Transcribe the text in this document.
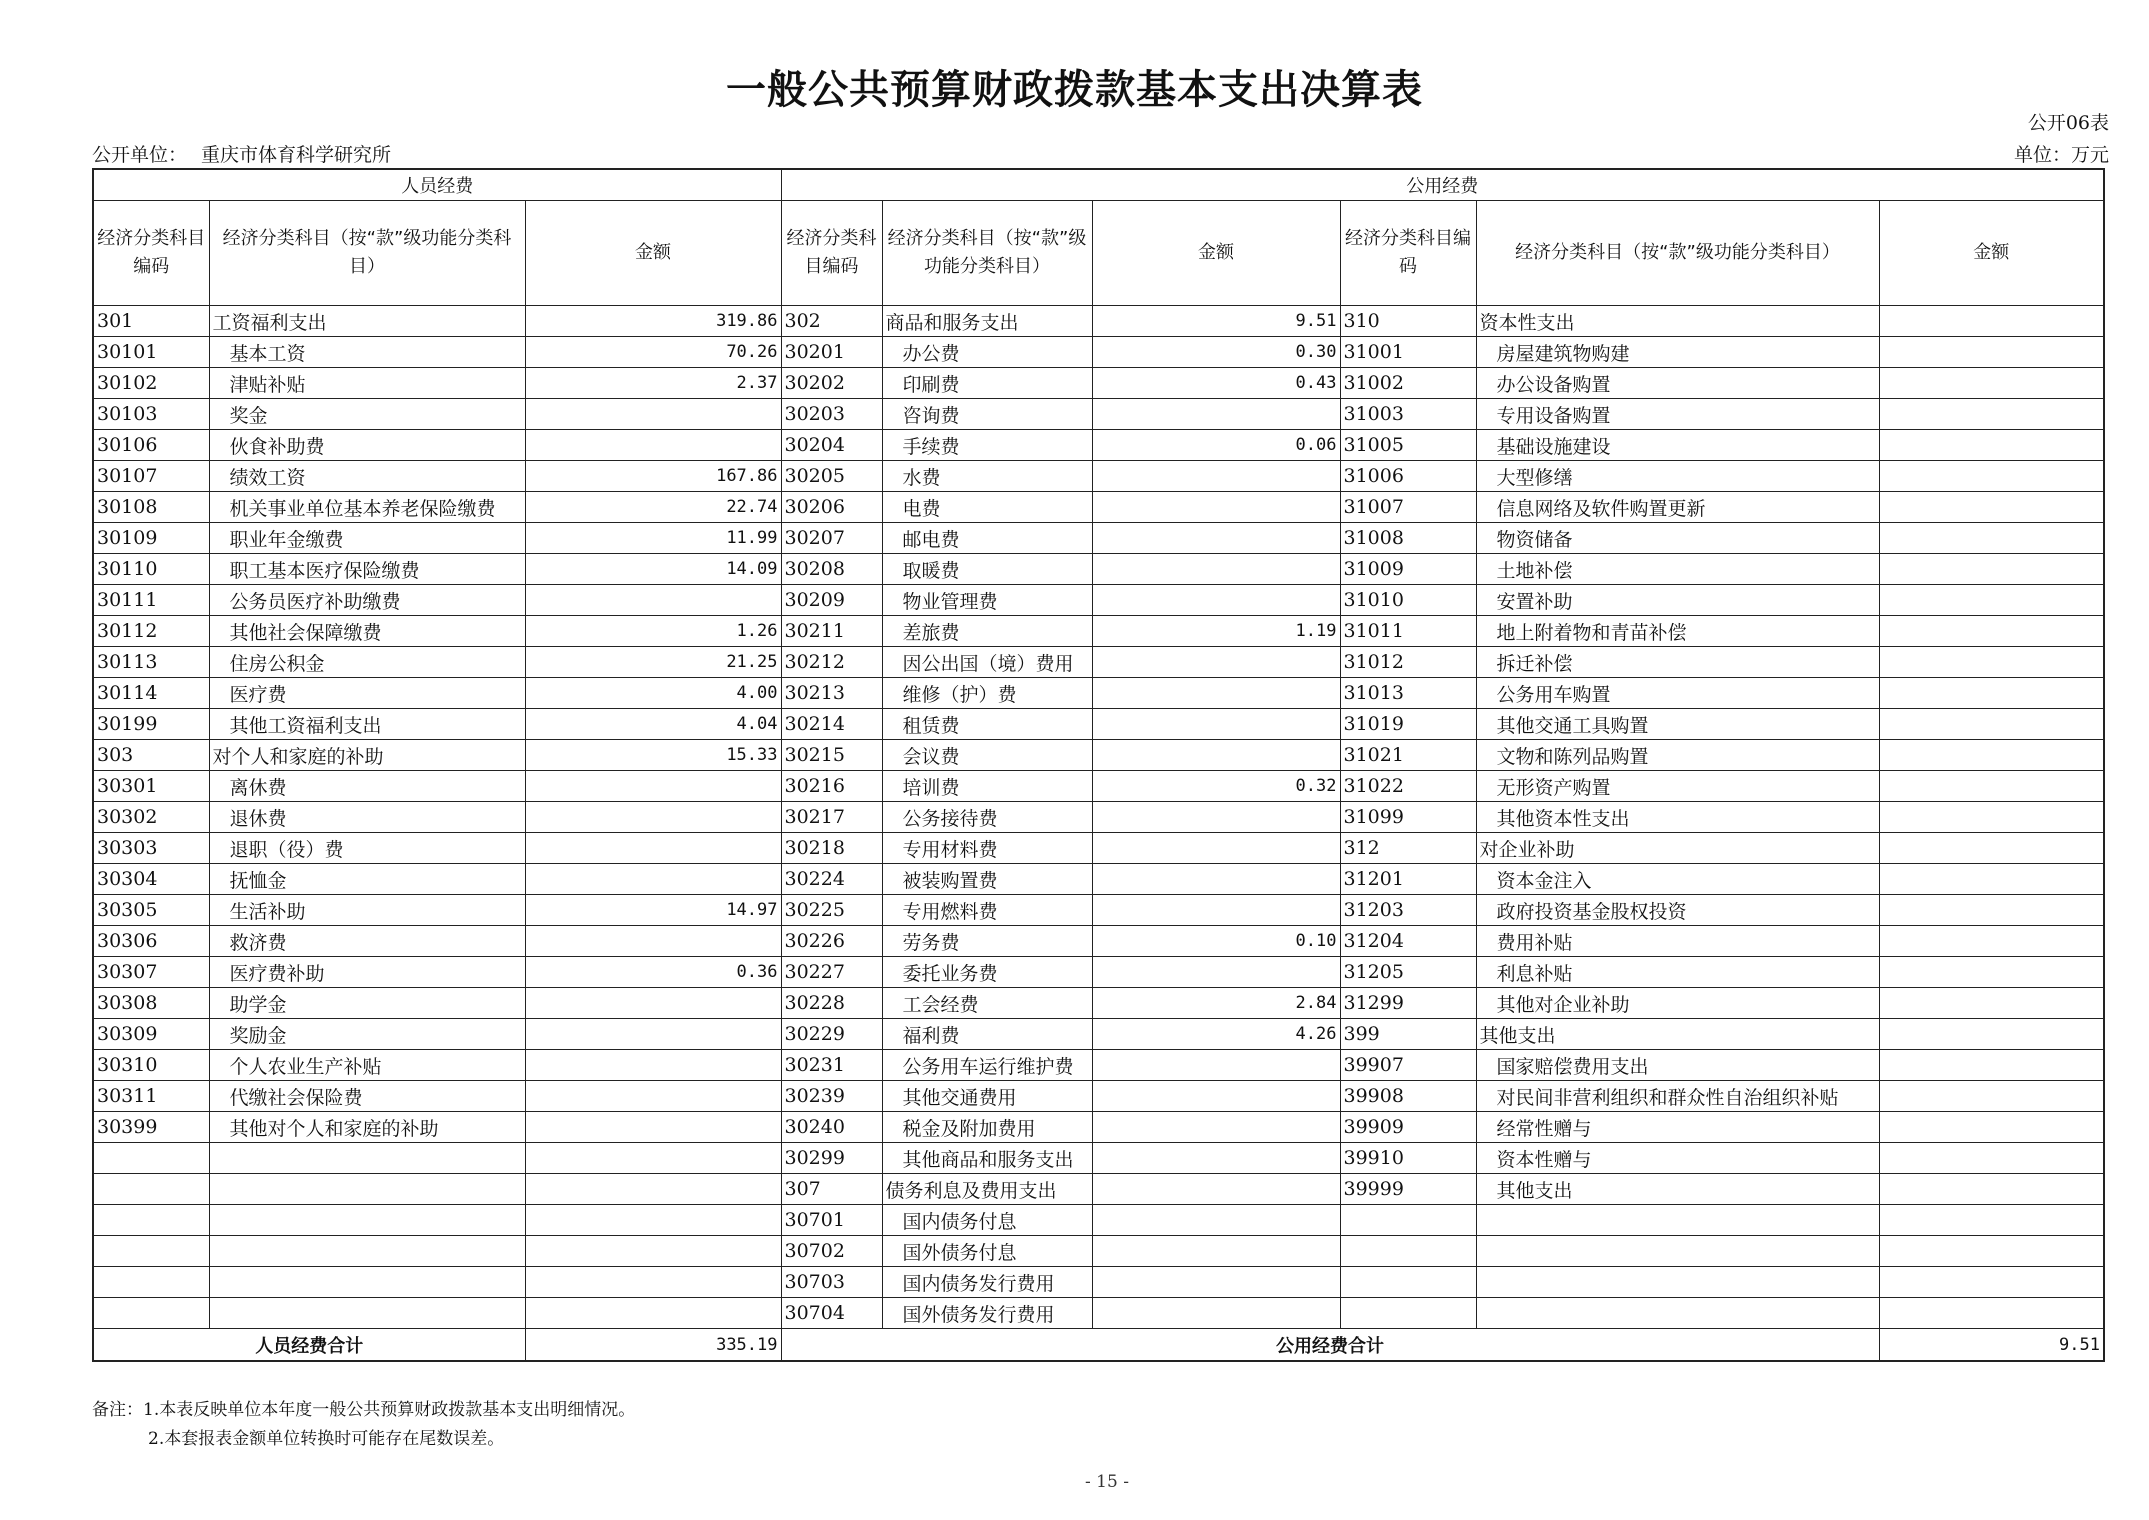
一般公共预算财政拨款基本支出决算表
公开06表
公开单位： 重庆市体育科学研究所	单位：万元
人员经费			公用经费					
经济分类科目编码	经济分类科目（按“款”级功能分类科目）	金额	经济分类科目编码	经济分类科目（按“款”级功能分类科目）	金额	经济分类科目编码	经济分类科目（按“款”级功能分类科目）	金额
301	工资福利支出	319.86	302	商品和服务支出	9.51	310	资本性支出	
30101	基本工资	70.26	30201	办公费	0.30	31001	房屋建筑物购建	
30102	津贴补贴	2.37	30202	印刷费	0.43	31002	办公设备购置	
30103	奖金		30203	咨询费		31003	专用设备购置	
30106	伙食补助费		30204	手续费	0.06	31005	基础设施建设	
30107	绩效工资	167.86	30205	水费		31006	大型修缮	
30108	机关事业单位基本养老保险缴费	22.74	30206	电费		31007	信息网络及软件购置更新	
30109	职业年金缴费	11.99	30207	邮电费		31008	物资储备	
30110	职工基本医疗保险缴费	14.09	30208	取暖费		31009	土地补偿	
30111	公务员医疗补助缴费		30209	物业管理费		31010	安置补助	
30112	其他社会保障缴费	1.26	30211	差旅费	1.19	31011	地上附着物和青苗补偿	
30113	住房公积金	21.25	30212	因公出国（境）费用		31012	拆迁补偿	
30114	医疗费	4.00	30213	维修（护）费		31013	公务用车购置	
30199	其他工资福利支出	4.04	30214	租赁费		31019	其他交通工具购置	
303	对个人和家庭的补助	15.33	30215	会议费		31021	文物和陈列品购置	
30301	离休费		30216	培训费	0.32	31022	无形资产购置	
30302	退休费		30217	公务接待费		31099	其他资本性支出	
30303	退职（役）费		30218	专用材料费		312	对企业补助	
30304	抚恤金		30224	被装购置费		31201	资本金注入	
30305	生活补助	14.97	30225	专用燃料费		31203	政府投资基金股权投资	
30306	救济费		30226	劳务费	0.10	31204	费用补贴	
30307	医疗费补助	0.36	30227	委托业务费		31205	利息补贴	
30308	助学金		30228	工会经费	2.84	31299	其他对企业补助	
30309	奖励金		30229	福利费	4.26	399	其他支出	
30310	个人农业生产补贴		30231	公务用车运行维护费		39907	国家赔偿费用支出	
30311	代缴社会保险费		30239	其他交通费用		39908	对民间非营利组织和群众性自治组织补贴	
30399	其他对个人和家庭的补助		30240	税金及附加费用		39909	经常性赠与	
			30299	其他商品和服务支出		39910	资本性赠与	
			307	债务利息及费用支出		39999	其他支出	
			30701	国内债务付息				
			30702	国外债务付息				
			30703	国内债务发行费用				
			30704	国外债务发行费用				
人员经费合计		335.19	公用经费合计					9.51
备注：1.本表反映单位本年度一般公共预算财政拨款基本支出明细情况。
2.本套报表金额单位转换时可能存在尾数误差。
- 15 -
